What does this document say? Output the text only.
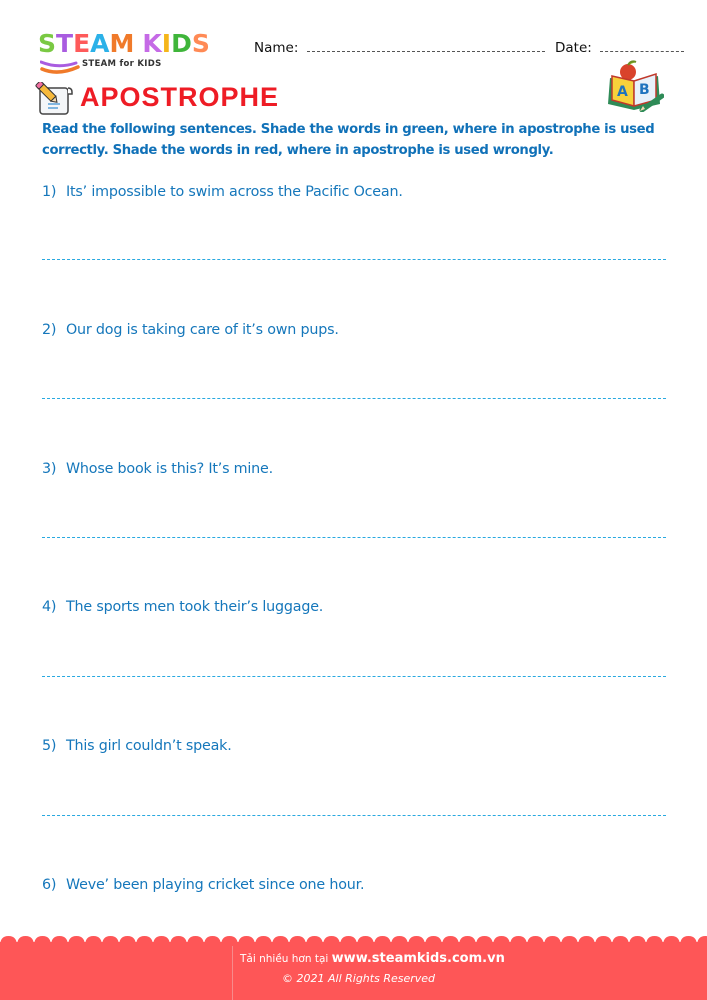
STEAM KIDS
STEAM for KIDS
Name:	Date:
APOSTROPHE	A B
Read the following sentences. Shade the words in green, where in apostrophe is used correctly. Shade the words in red, where in apostrophe is used wrongly.
1) Its’ impossible to swim across the Pacific Ocean.
2) Our dog is taking care of it’s own pups.
3) Whose book is this? It’s mine.
4) The sports men took their’s luggage.
5) This girl couldn’t speak.
6) Weve’ been playing cricket since one hour.
Tải nhiều hơn tại www.steamkids.com.vn
© 2021 All Rights Reserved
